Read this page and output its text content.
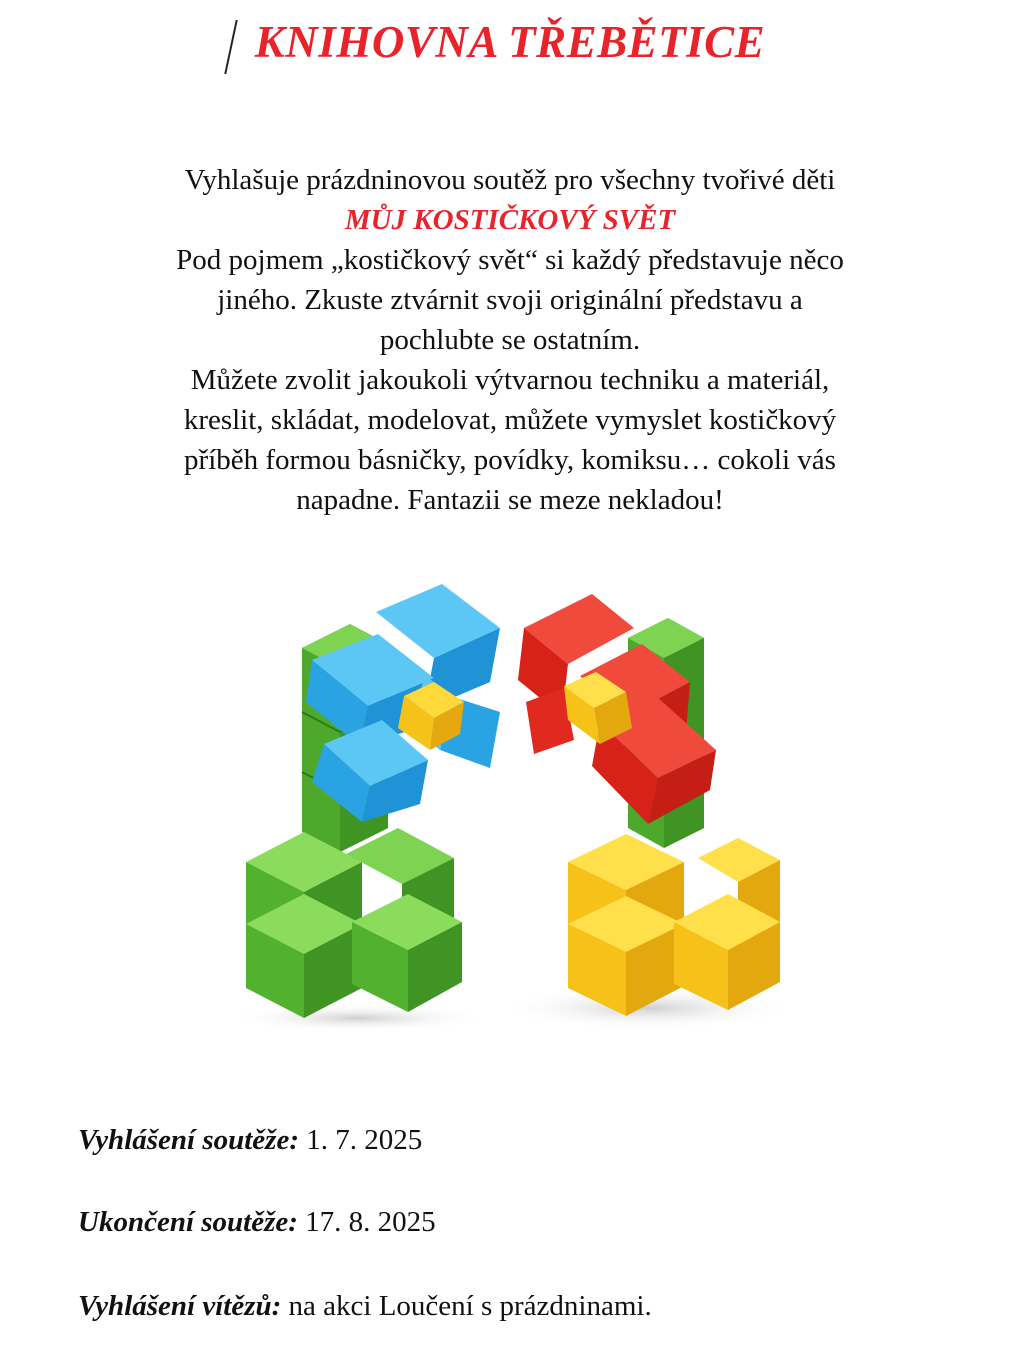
KNIHOVNA TŘEBĚTICE
Vyhlašuje prázdninovou soutěž pro všechny tvořivé děti
MŮJ KOSTIČKOVÝ SVĚT
Pod pojmem „kostičkový svět“ si každý představuje něco
jiného. Zkuste ztvárnit svoji originální představu a
pochlubte se ostatním.
Můžete zvolit jakoukoli výtvarnou techniku a materiál,
kreslit, skládat, modelovat, můžete vymyslet kostičkový
příběh formou básničky, povídky, komiksu… cokoli vás
napadne. Fantazii se meze nekladou!
Vyhlášení soutěže: 1. 7. 2025
Ukončení soutěže: 17. 8. 2025
Vyhlášení vítězů: na akci Loučení s prázdninami.
